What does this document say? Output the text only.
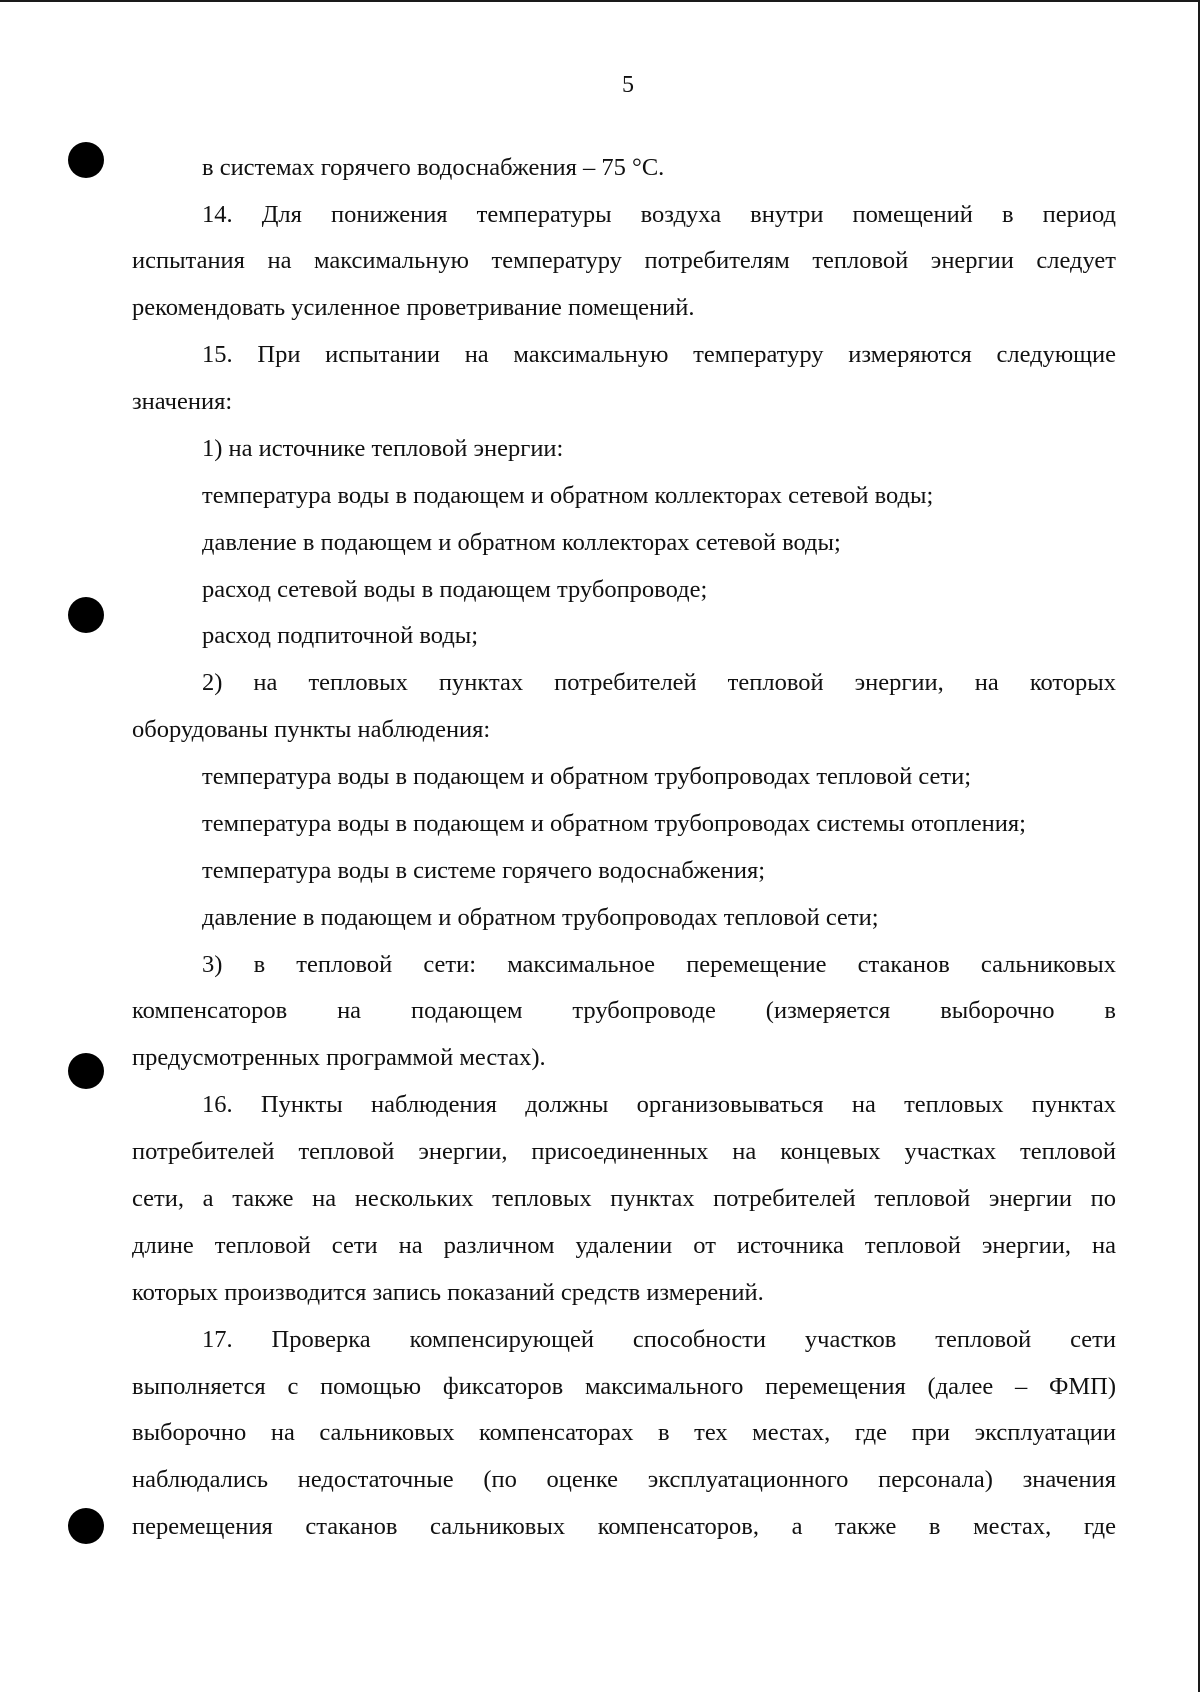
5
в системах горячего водоснабжения – 75 °С.
14. Для понижения температуры воздуха внутри помещений в период
испытания на максимальную температуру потребителям тепловой энергии следует
рекомендовать усиленное проветривание помещений.
15. При испытании на максимальную температуру измеряются следующие
значения:
1) на источнике тепловой энергии:
температура воды в подающем и обратном коллекторах сетевой воды;
давление в подающем и обратном коллекторах сетевой воды;
расход сетевой воды в подающем трубопроводе;
расход подпиточной воды;
2) на тепловых пунктах потребителей тепловой энергии, на которых
оборудованы пункты наблюдения:
температура воды в подающем и обратном трубопроводах тепловой сети;
температура воды в подающем и обратном трубопроводах системы отопления;
температура воды в системе горячего водоснабжения;
давление в подающем и обратном трубопроводах тепловой сети;
3) в тепловой сети: максимальное перемещение стаканов сальниковых
компенсаторов на подающем трубопроводе (измеряется выборочно в
предусмотренных программой местах).
16. Пункты наблюдения должны организовываться на тепловых пунктах
потребителей тепловой энергии, присоединенных на концевых участках тепловой
сети, а также на нескольких тепловых пунктах потребителей тепловой энергии по
длине тепловой сети на различном удалении от источника тепловой энергии, на
которых производится запись показаний средств измерений.
17. Проверка компенсирующей способности участков тепловой сети
выполняется с помощью фиксаторов максимального перемещения (далее – ФМП)
выборочно на сальниковых компенсаторах в тех местах, где при эксплуатации
наблюдались недостаточные (по оценке эксплуатационного персонала) значения
перемещения стаканов сальниковых компенсаторов, а также в местах, где
